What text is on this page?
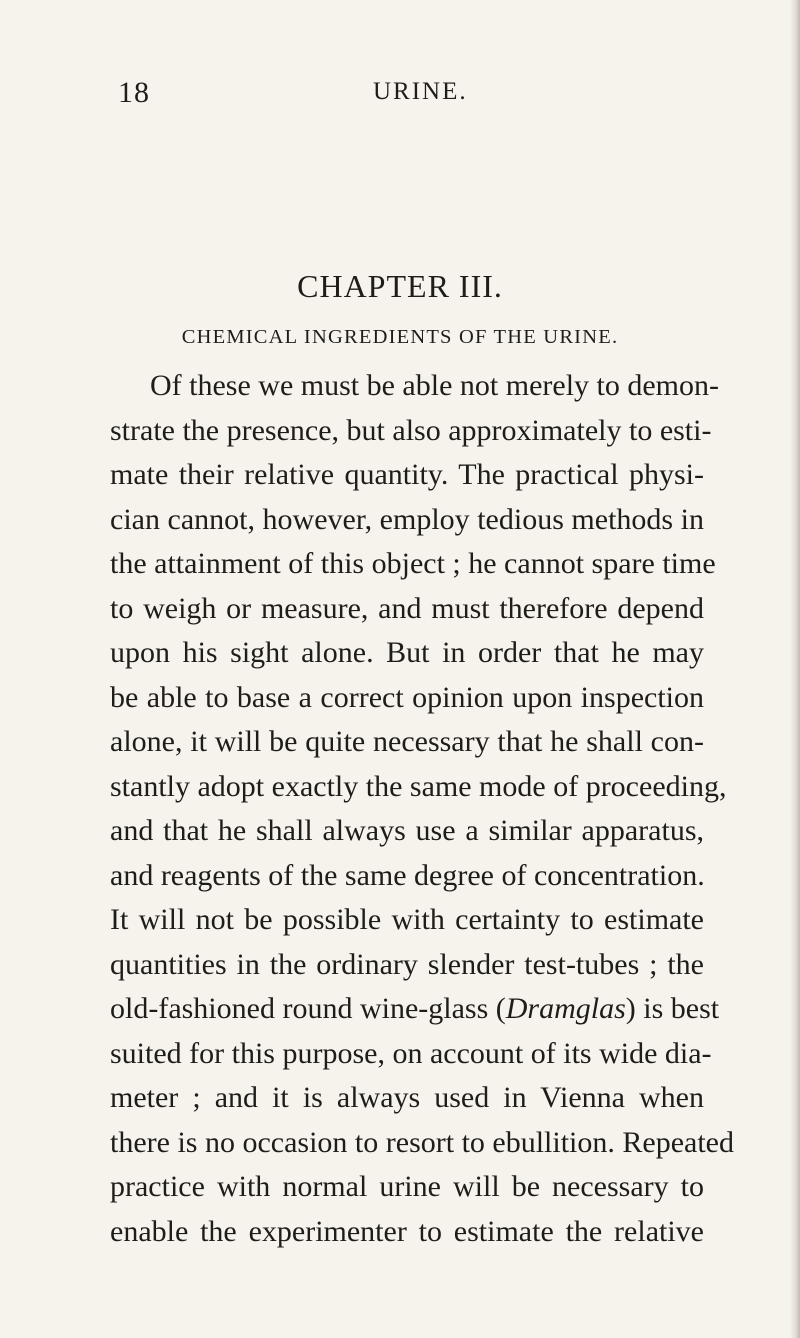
18	URINE.
CHAPTER III.
CHEMICAL INGREDIENTS OF THE URINE.
Of these we must be able not merely to demon-
strate the presence, but also approximately to esti-
mate their relative quantity. The practical physi-
cian cannot, however, employ tedious methods in
the attainment of this object ; he cannot spare time
to weigh or measure, and must therefore depend
upon his sight alone. But in order that he may
be able to base a correct opinion upon inspection
alone, it will be quite necessary that he shall con-
stantly adopt exactly the same mode of proceeding,
and that he shall always use a similar apparatus,
and reagents of the same degree of concentration.
It will not be possible with certainty to estimate
quantities in the ordinary slender test-tubes ; the
old-fashioned round wine-glass (Dramglas) is best
suited for this purpose, on account of its wide dia-
meter ; and it is always used in Vienna when
there is no occasion to resort to ebullition. Repeated
practice with normal urine will be necessary to
enable the experimenter to estimate the relative
